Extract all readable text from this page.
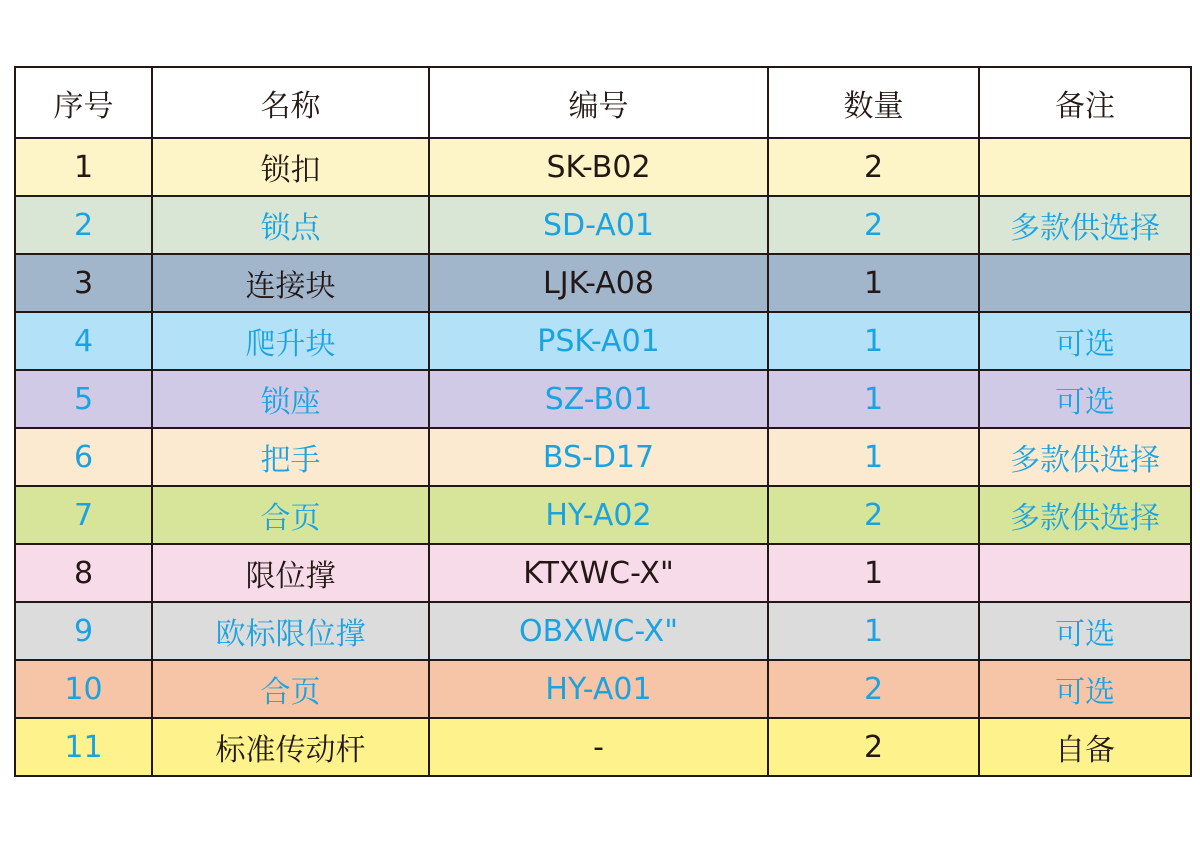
序号	名称	编号	数量	备注
1	锁扣	SK-B02	2	
2	锁点	SD-A01	2	多款供选择
3	连接块	LJK-A08	1	
4	爬升块	PSK-A01	1	可选
5	锁座	SZ-B01	1	可选
6	把手	BS-D17	1	多款供选择
7	合页	HY-A02	2	多款供选择
8	限位撑	KTXWC-X"	1	
9	欧标限位撑	OBXWC-X"	1	可选
10	合页	HY-A01	2	可选
11	标准传动杆	-	2	自备
